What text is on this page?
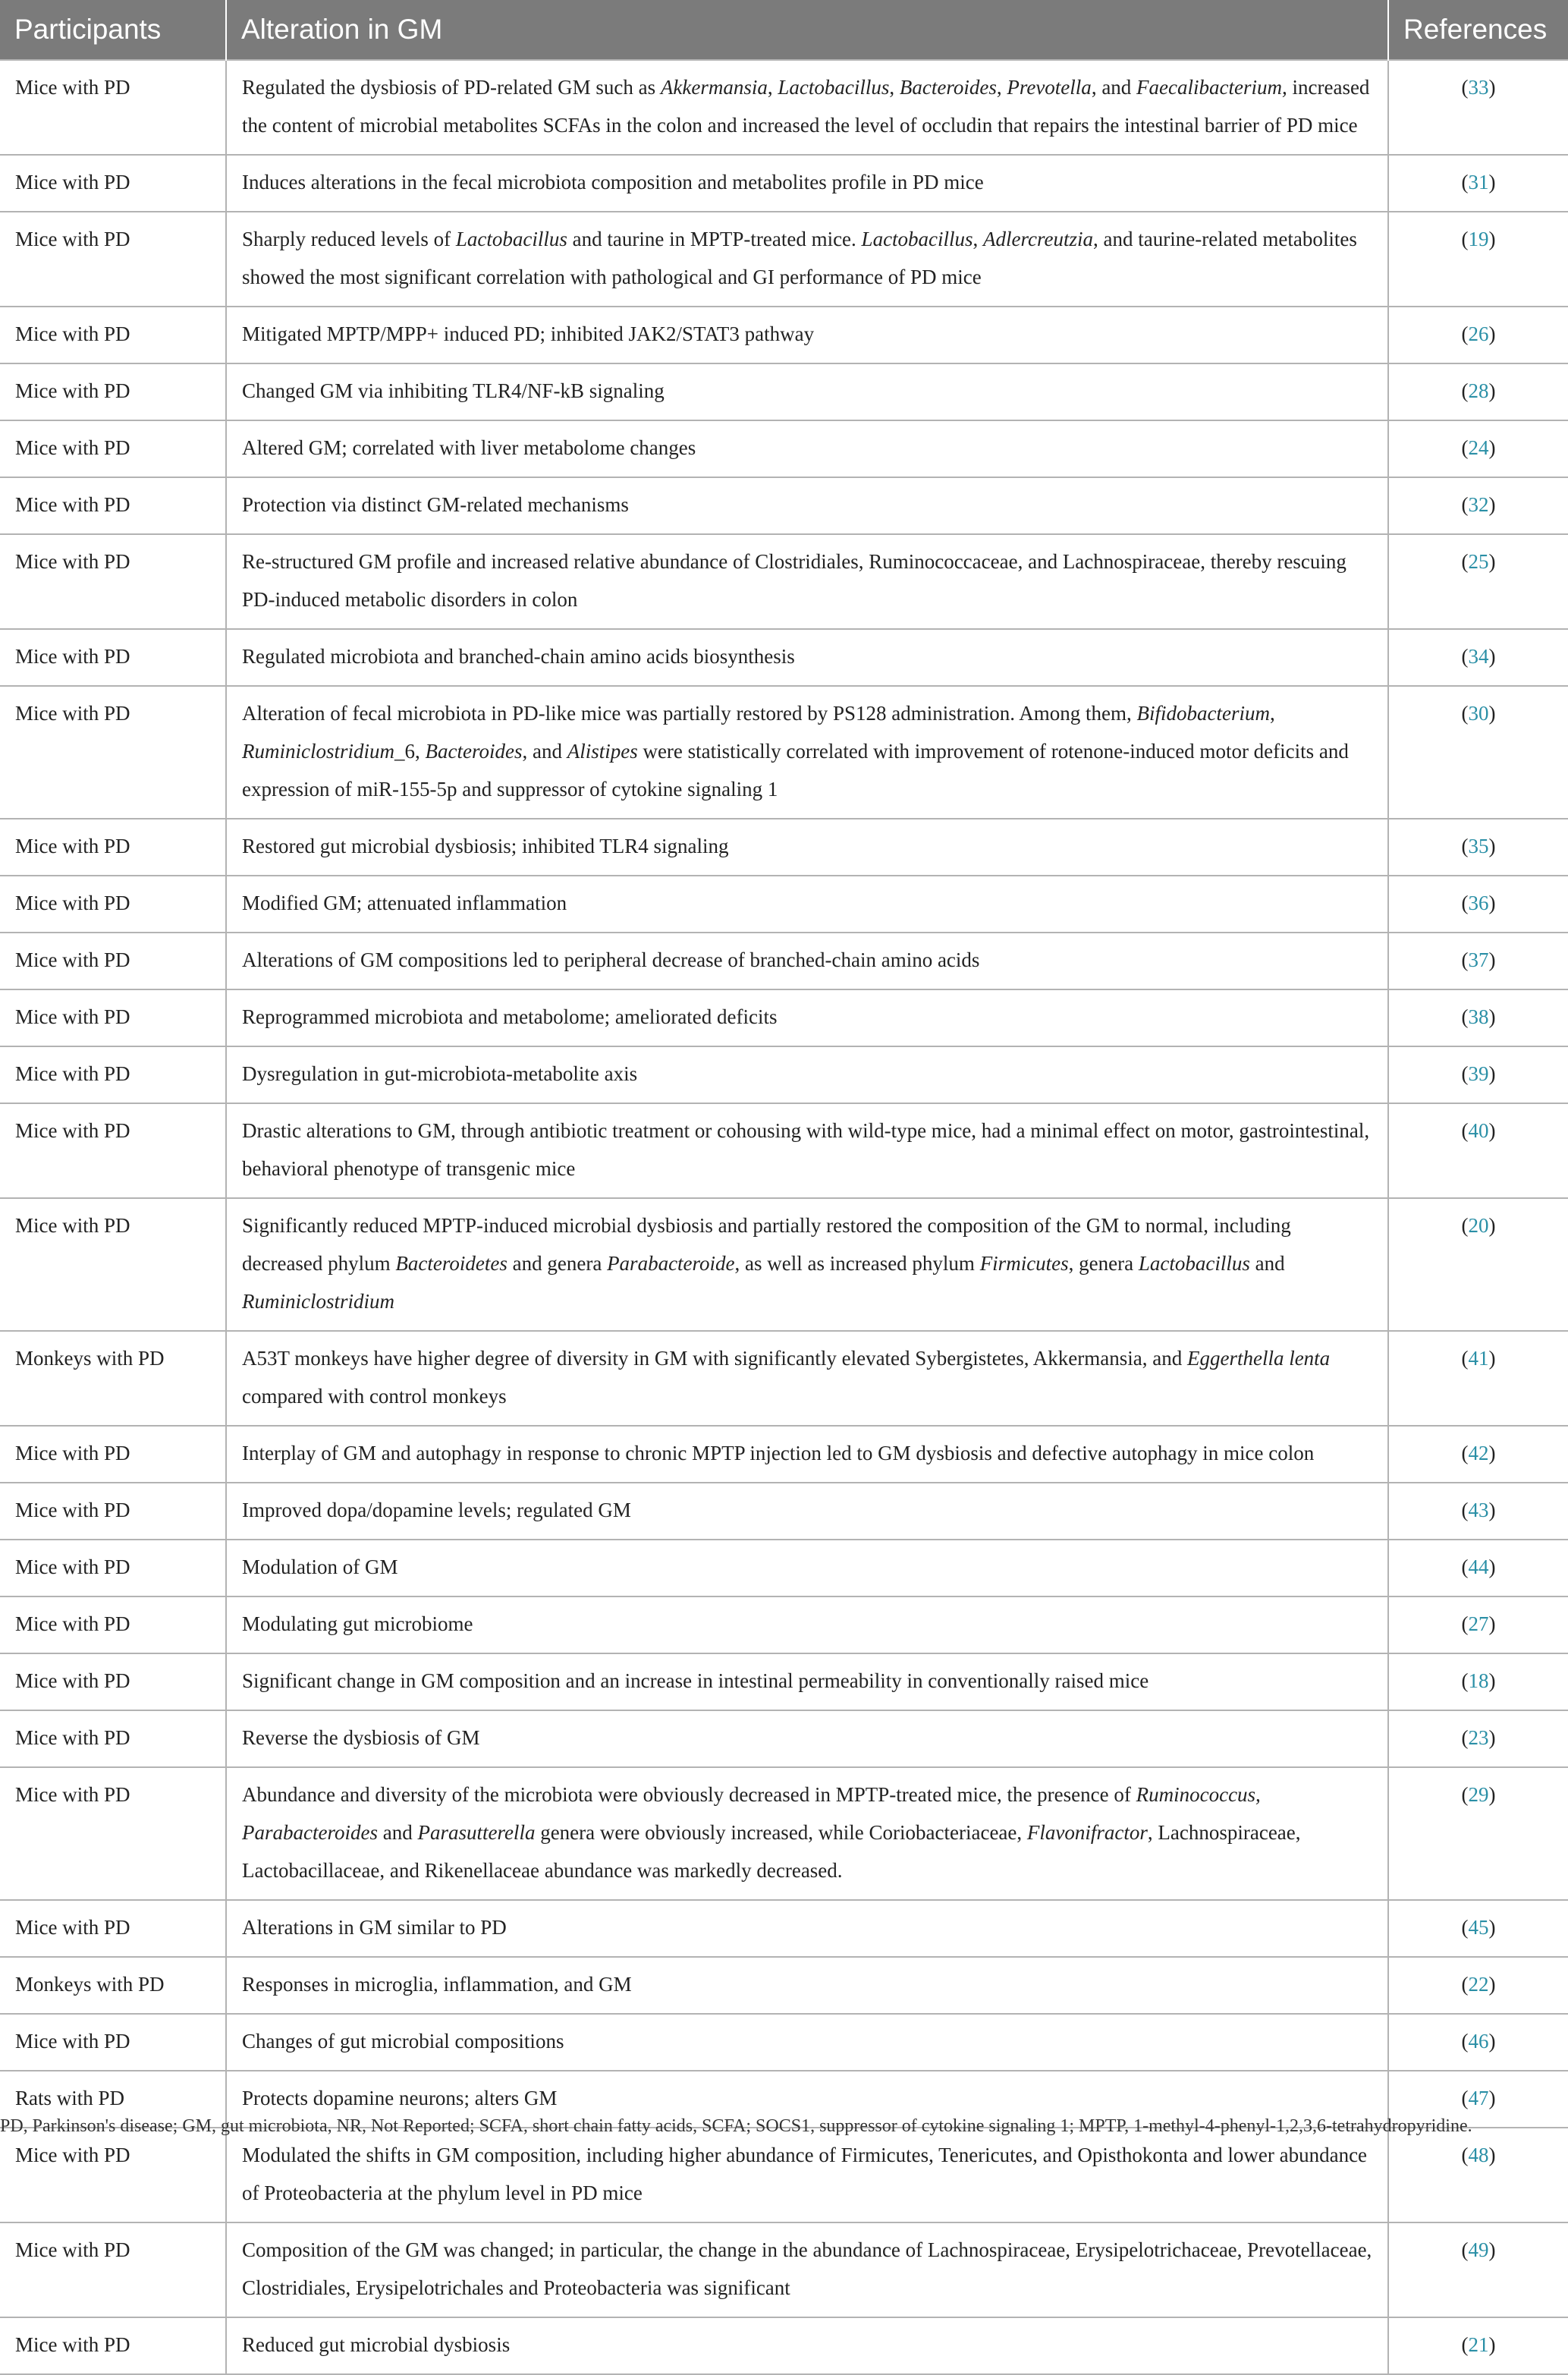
Participants	Alteration in GM	References
Mice with PD	Regulated the dysbiosis of PD-related GM such as Akkermansia, Lactobacillus, Bacteroides, Prevotella, and Faecalibacterium, increased the content of microbial metabolites SCFAs in the colon and increased the level of occludin that repairs the intestinal barrier of PD mice	(33)
Mice with PD	Induces alterations in the fecal microbiota composition and metabolites profile in PD mice	(31)
Mice with PD	Sharply reduced levels of Lactobacillus and taurine in MPTP-treated mice. Lactobacillus, Adlercreutzia, and taurine-related metabolites showed the most significant correlation with pathological and GI performance of PD mice	(19)
Mice with PD	Mitigated MPTP/MPP+ induced PD; inhibited JAK2/STAT3 pathway	(26)
Mice with PD	Changed GM via inhibiting TLR4/NF-kB signaling	(28)
Mice with PD	Altered GM; correlated with liver metabolome changes	(24)
Mice with PD	Protection via distinct GM-related mechanisms	(32)
Mice with PD	Re-structured GM profile and increased relative abundance of Clostridiales, Ruminococcaceae, and Lachnospiraceae, thereby rescuing PD-induced metabolic disorders in colon	(25)
Mice with PD	Regulated microbiota and branched-chain amino acids biosynthesis	(34)
Mice with PD	Alteration of fecal microbiota in PD-like mice was partially restored by PS128 administration. Among them, Bifidobacterium, Ruminiclostridium_6, Bacteroides, and Alistipes were statistically correlated with improvement of rotenone-induced motor deficits and expression of miR-155-5p and suppressor of cytokine signaling 1	(30)
Mice with PD	Restored gut microbial dysbiosis; inhibited TLR4 signaling	(35)
Mice with PD	Modified GM; attenuated inflammation	(36)
Mice with PD	Alterations of GM compositions led to peripheral decrease of branched-chain amino acids	(37)
Mice with PD	Reprogrammed microbiota and metabolome; ameliorated deficits	(38)
Mice with PD	Dysregulation in gut-microbiota-metabolite axis	(39)
Mice with PD	Drastic alterations to GM, through antibiotic treatment or cohousing with wild-type mice, had a minimal effect on motor, gastrointestinal, behavioral phenotype of transgenic mice	(40)
Mice with PD	Significantly reduced MPTP-induced microbial dysbiosis and partially restored the composition of the GM to normal, including decreased phylum Bacteroidetes and genera Parabacteroide, as well as increased phylum Firmicutes, genera Lactobacillus and Ruminiclostridium	(20)
Monkeys with PD	A53T monkeys have higher degree of diversity in GM with significantly elevated Sybergistetes, Akkermansia, and Eggerthella lenta compared with control monkeys	(41)
Mice with PD	Interplay of GM and autophagy in response to chronic MPTP injection led to GM dysbiosis and defective autophagy in mice colon	(42)
Mice with PD	Improved dopa/dopamine levels; regulated GM	(43)
Mice with PD	Modulation of GM	(44)
Mice with PD	Modulating gut microbiome	(27)
Mice with PD	Significant change in GM composition and an increase in intestinal permeability in conventionally raised mice	(18)
Mice with PD	Reverse the dysbiosis of GM	(23)
Mice with PD	Abundance and diversity of the microbiota were obviously decreased in MPTP-treated mice, the presence of Ruminococcus, Parabacteroides and Parasutterella genera were obviously increased, while Coriobacteriaceae, Flavonifractor, Lachnospiraceae, Lactobacillaceae, and Rikenellaceae abundance was markedly decreased.	(29)
Mice with PD	Alterations in GM similar to PD	(45)
Monkeys with PD	Responses in microglia, inflammation, and GM	(22)
Mice with PD	Changes of gut microbial compositions	(46)
Rats with PD	Protects dopamine neurons; alters GM	(47)
Mice with PD	Modulated the shifts in GM composition, including higher abundance of Firmicutes, Tenericutes, and Opisthokonta and lower abundance of Proteobacteria at the phylum level in PD mice	(48)
Mice with PD	Composition of the GM was changed; in particular, the change in the abundance of Lachnospiraceae, Erysipelotrichaceae, Prevotellaceae, Clostridiales, Erysipelotrichales and Proteobacteria was significant	(49)
Mice with PD	Reduced gut microbial dysbiosis	(21)
PD, Parkinson's disease; GM, gut microbiota, NR, Not Reported; SCFA, short chain fatty acids, SCFA; SOCS1, suppressor of cytokine signaling 1; MPTP, 1-methyl-4-phenyl-1,2,3,6-tetrahydropyridine.
